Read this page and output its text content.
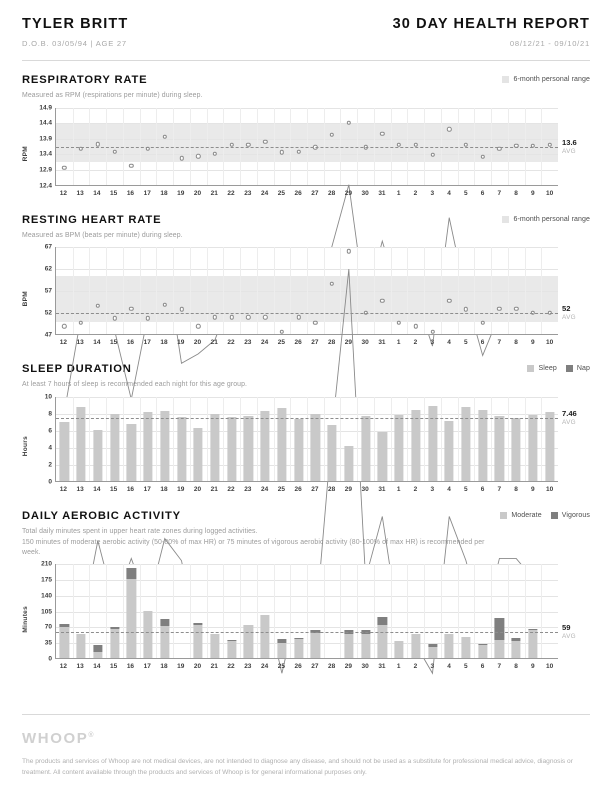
TYLER BRITT
D.O.B. 03/05/94 | AGE 27
30 DAY HEALTH REPORT
08/12/21 - 09/10/21
RESPIRATORY RATE
Measured as RPM (respirations per minute) during sleep.
6-month personal range
RPM
12.4
12.9
13.4
13.9
14.4
14.9
13.6
AVG
12 13 14 15 16 17 18 19 20 21 22 23 24 25 26 27 28 29 30 31 1 2 3 4 5 6 7 8 9 10
RESTING HEART RATE
Measured as BPM (beats per minute) during sleep.
6-month personal range
BPM
47
52
57
62
67
52
AVG
12 13 14 15 16 17 18 19 20 21 22 23 24 25 26 27 28 29 30 31 1 2 3 4 5 6 7 8 9 10
SLEEP DURATION
At least 7 hours of sleep is recommended each night for this age group.
Sleep	Nap
Hours
0
2
4
6
8
10
7.46
AVG
12 13 14 15 16 17 18 19 20 21 22 23 24 25 26 27 28 29 30 31 1 2 3 4 5 6 7 8 9 10
DAILY AEROBIC ACTIVITY
Total daily minutes spent in upper heart rate zones during logged activities.
150 minutes of moderate aerobic activity (50-80% of max HR) or 75 minutes of vigorous aerobic activity (80-100% of max HR) is recommended per week.
Moderate	Vigorous
Minutes
0
35
70
105
140
175
210
59
AVG
12 13 14 15 16 17 18 19 20 21 22 23 24 25 26 27 28 29 30 31 1 2 3 4 5 6 7 8 9 10
WHOOP®
The products and services of Whoop are not medical devices, are not intended to diagnose any disease, and should not be used as a substitute for professional medical advice, diagnosis or treatment. All content available through the products and services of Whoop is for general informational purposes only.
